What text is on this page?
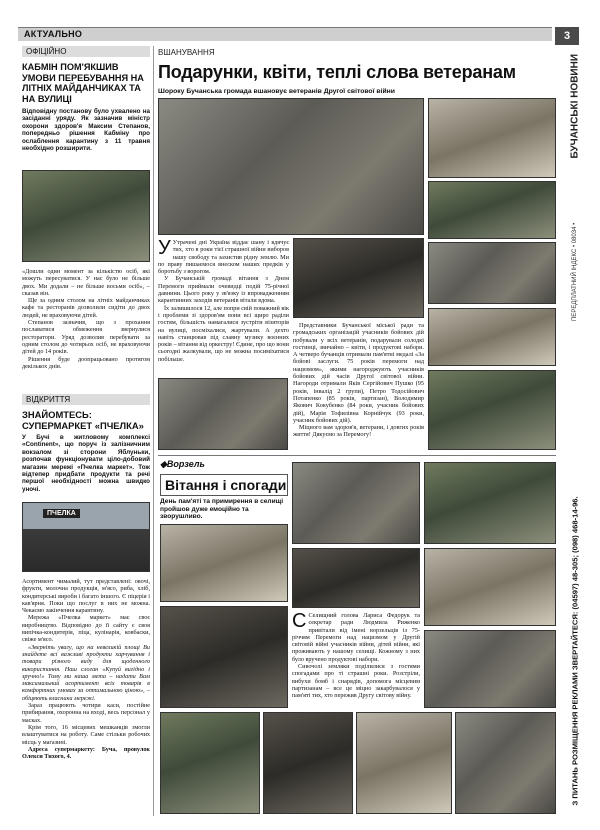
АКТУАЛЬНО	3
БУЧАНСЬКІ НОВИНИ
ПЕРЕДПЛАТНИЙ ІНДЕКС • 08034 •
З ПИТАНЬ РОЗМІЩЕННЯ РЕКЛАМИ ЗВЕРТАЙТЕСЯ: (04597) 48-305; (098) 468-14-96.
ОФІЦІЙНО
КАБМІН ПОМ'ЯКШИВ УМОВИ ПЕРЕБУВАННЯ НА ЛІТНІХ МАЙДАНЧИКАХ ТА НА ВУЛИЦІ
Відповідну постанову було ухвалено на засіданні уряду. Як зазначив міністр охорони здоров'я Максим Степанов, попередньо рішення Кабміну про ослаблення карантину з 11 травня необхідно розширити.

«Дошли один момент за кількістю осіб, які можуть пересуватися. У нас було не більше двох. Ми додали – не більше восьми осіб», – сказав він.

Ще за одним столом на літніх майданчиках кафе та ресторанів дозволили сидіти до двох людей, не враховуючи дітей.

Степанов зазначив, що з прохання пославатися обмеження звернулися ресторатори. Уряд дозволив перебувати за одним столом до чотирьох осіб, не враховуючи дітей до 14 років.

Рішення буде доопрацьовано протягом декількох днів.

ВІДКРИТТЯ
ЗНАЙОМТЕСЬ: СУПЕРМАРКЕТ «ПЧЕЛКА»
У Бучі в житловому комплексі «Continent», що поруч із залізничним вокзалом зі сторони Яблуньки, розпочав функціонувати ціло-добовий магазин мережі «Пчелка маркет». Тож відтепер придбати продукти та речі першої необхідності можна швидко уночі.
ПЧЕЛКА

Асортимент чималий, тут представлені: овочі, фрукти, молочна продукція, м'ясо, риба, хліб, кондитерські вироби і багато іншого. Є пiцерія і кав'ярня. Поки що послуг в них не можна. Чекаємо закінчення карантину.

Мережа «Пчелка маркет» має своє виробництво. Відповідно до її сайту є своя випічка-кондитерія, піца, кулінарія, ковбаски, свіже м'ясо.

«Зверніть увагу, що на невеликій площі Ви знайдете всі важливі продукти харчування і товари різного виду для щоденного використання. Наш слоган «Купуй вигідно і зручно!» Тому ми наша мета – надати Вам максимальний асортимент всіх товарів в комфортних умовах за оптимальною ціною», – обіцяють власники мережі.

Зараз працюють чотири каси, постійне прибирання, охоронна на вході, весь персонал у масках.

Крім того, 16 місцевих мешканців змогли влаштуватися на роботу. Саме стільки робочих місць у магазині.

Адреса супермаркету: Буча, провулок Олекси Тихого, 4.

ВШАНУВАННЯ
Подарунки, квіти, теплі слова ветеранам
Шороку Бучанська громада вшановує ветеранів Другої світової війни

У Утрачені дні Україна віддає шану і вдячує тих, хто в роки тієї страшної війни виборов нашу свободу та захистив рідну землю. Ми по праву пишаємося внеском наших предків у боротьбу з ворогом.

У Бучанській громаді вітання з Днем Перемоги приймали очевидці подій 75-річної давнини. Цього року у зв'язку із впровадженням карантинних заходів ветеранів вітали вдома.

Їх залишилося 12, але попри свій поважний вік і проблеми зі здоров'ям вони всі щиро раділи гостям, більшість намагалися зустріти візиторів на вулиці, посміхалися, жартували. А дехто навіть станцював під славну музику воєнних років – вітання від оркестру! Єдине, про що вони сьогодні жалкували, що не можна посиміхатися побільше.

Представники Бучанської міської ради та громадських організацій учасників бойових дій побували у всіх ветеранів, подарували солодкі гостинці, звичайно – квіти, і продуктові набори. А четверо бучанців отримали пам'ятні медалі «За бойові заслуги. 75 років перемоги над нацизмом», якими нагороджують учасників бойових дій часів Другої світової війни. Нагороди отримали Яків Сергійович Пушко (95 років, інвалід 2 групи), Петро Тодосійович Потапенко (85 років, партизан), Володимир Якович Кокубенко (84 роки, учасник бойових дій), Марія Тофилівна Корнійчук (93 роки, учасник бойових дій).

Міцного вам здоров'я, ветерани, і довгих років життя! Дякуємо за Перемогу!

◆Ворзель
Вітання і спогади
День пам'яті та примирення в селищі пройшов дуже емоційно та зворушливо.

С Селищний голова Лариса Федорук та секретар ради Людмила Риженко привітали від імені ворзельців із 75-річчям Перемоги над нацизмом у Другій світовій війні учасників війни, дітей війни, які проживають у нашому селищі. Кожному з них було вручено продуктові набори.

Сивочолі земляки поділилися з гостями спогадами про ті страшні роки. Розстріли, вибухи бомб і снарядів, допомога місцевим партизанам – все це міцно закарбувалося у пам'яті тих, хто пережив Другу світову війну.
